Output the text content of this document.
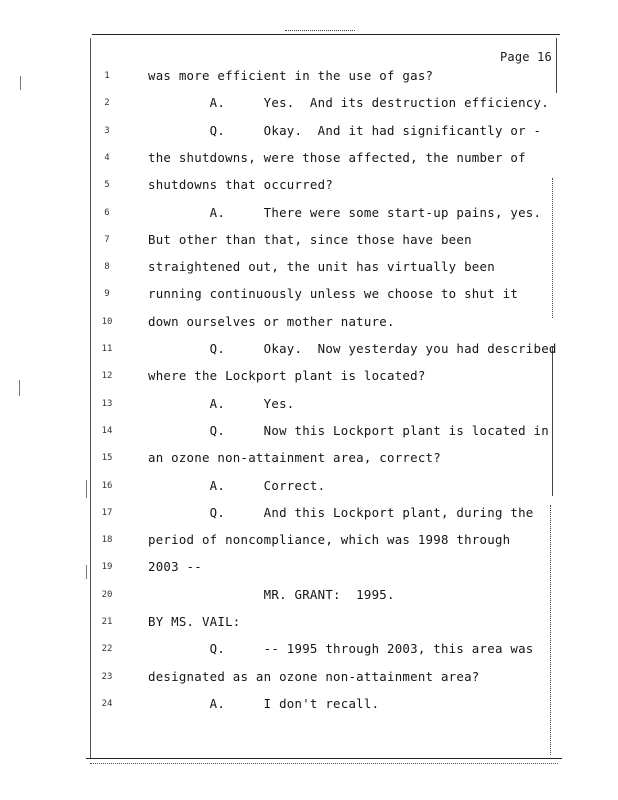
Page 16
1	was more efficient in the use of gas?
2	A.     Yes.  And its destruction efficiency.
3	Q.     Okay.  And it had significantly or -
4	the shutdowns, were those affected, the number of
5	shutdowns that occurred?
6	A.     There were some start-up pains, yes.
7	But other than that, since those have been
8	straightened out, the unit has virtually been
9	running continuously unless we choose to shut it
10	down ourselves or mother nature.
11	Q.     Okay.  Now yesterday you had described
12	where the Lockport plant is located?
13	A.     Yes.
14	Q.     Now this Lockport plant is located in
15	an ozone non-attainment area, correct?
16	A.     Correct.
17	Q.     And this Lockport plant, during the
18	period of noncompliance, which was 1998 through
19	2003 --
20	MR. GRANT:  1995.
21	BY MS. VAIL:
22	Q.     -- 1995 through 2003, this area was
23	designated as an ozone non-attainment area?
24	A.     I don't recall.
